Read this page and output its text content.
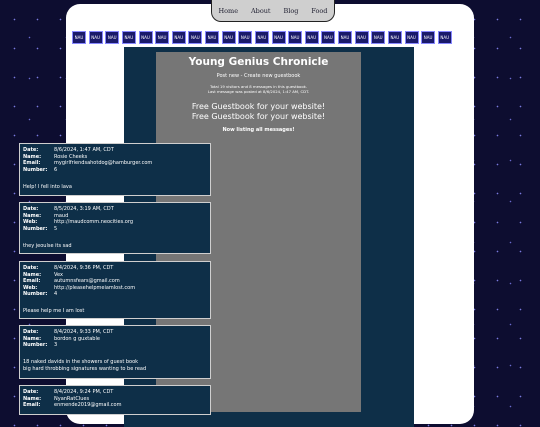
Home About Blog Food
NAU	NAU	NAU	NAU	NAU	NAU	NAU	NAU	NAU	NAU	NAU	NAU	NAU	NAU	NAU	NAU	NAU	NAU	NAU	NAU	NAU	NAU	NAU
Young Genius Chronicle
Post new - Create new guestbook
Total 19 visitors and 8 messages in this guestbook.
Last message was posted at 8/6/2024, 1:47 AM, CDT.
Free Guestbook for your website!
Free Guestbook for your website!
Now listing all messages!
Date:	8/6/2024, 1:47 AM, CDT
Name:	Rosie Cheeks
Email:	mygirlfriendsahotdog@hamburger.com
Number:	6
Help! I fell into lava
Date:	8/5/2024, 3:19 AM, CDT
Name:	maud
Web:	http://maudcomm.neocities.org
Number:	5
they jeoulse its sad
Date:	8/4/2024, 9:36 PM, CDT
Name:	Vex
Email:	autumnsfears@gmail.com
Web:	http://pleasehelpmeiamlost.com
Number:	4
Please help me I am lost
Date:	8/4/2024, 9:33 PM, CDT
Name:	bordon g guxtable
Number:	3
18 naked davids in the showers of guest book
big hard throbbing signatures wanting to be read
Date:	8/4/2024, 9:24 PM, CDT
Name:	NyanRatClues
Email:	enmende2019@gmail.com
